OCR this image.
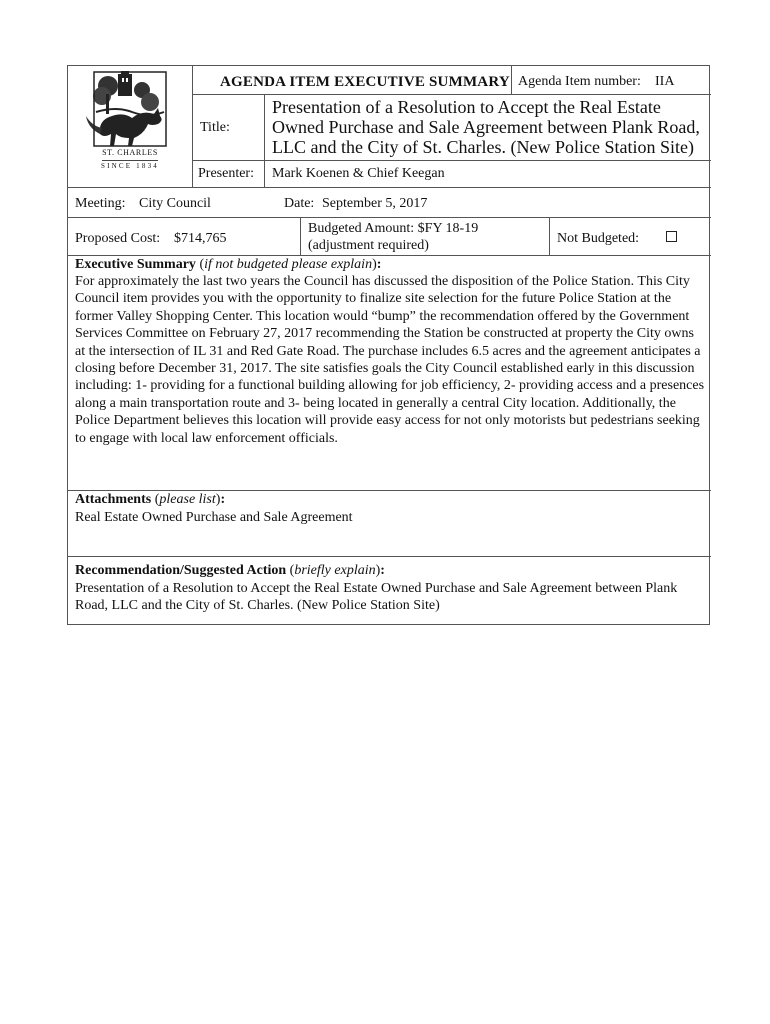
ST. CHARLES
SINCE 1834
AGENDA ITEM EXECUTIVE SUMMARY Agenda Item number: IIA
Title:
Presentation of a Resolution to Accept the Real Estate Owned Purchase and Sale Agreement between Plank Road, LLC and the City of St. Charles. (New Police Station Site)
Presenter: Mark Koenen & Chief Keegan
Meeting: City Council	Date: September 5, 2017
Proposed Cost: $714,765
Budgeted Amount: $FY 18-19
(adjustment required)	Not Budgeted:
Executive Summary (if not budgeted please explain):
For approximately the last two years the Council has discussed the disposition of the Police Station. This City Council item provides you with the opportunity to finalize site selection for the future Police Station at the former Valley Shopping Center. This location would “bump” the recommendation offered by the Government Services Committee on February 27, 2017 recommending the Station be constructed at property the City owns at the intersection of IL 31 and Red Gate Road. The purchase includes 6.5 acres and the agreement anticipates a closing before December 31, 2017. The site satisfies goals the City Council established early in this discussion including: 1- providing for a functional building allowing for job efficiency, 2- providing access and a presences along a main transportation route and 3- being located in generally a central City location. Additionally, the Police Department believes this location will provide easy access for not only motorists but pedestrians seeking to engage with local law enforcement officials.
Attachments (please list):
Real Estate Owned Purchase and Sale Agreement
Recommendation/Suggested Action (briefly explain):
Presentation of a Resolution to Accept the Real Estate Owned Purchase and Sale Agreement between Plank Road, LLC and the City of St. Charles. (New Police Station Site)
